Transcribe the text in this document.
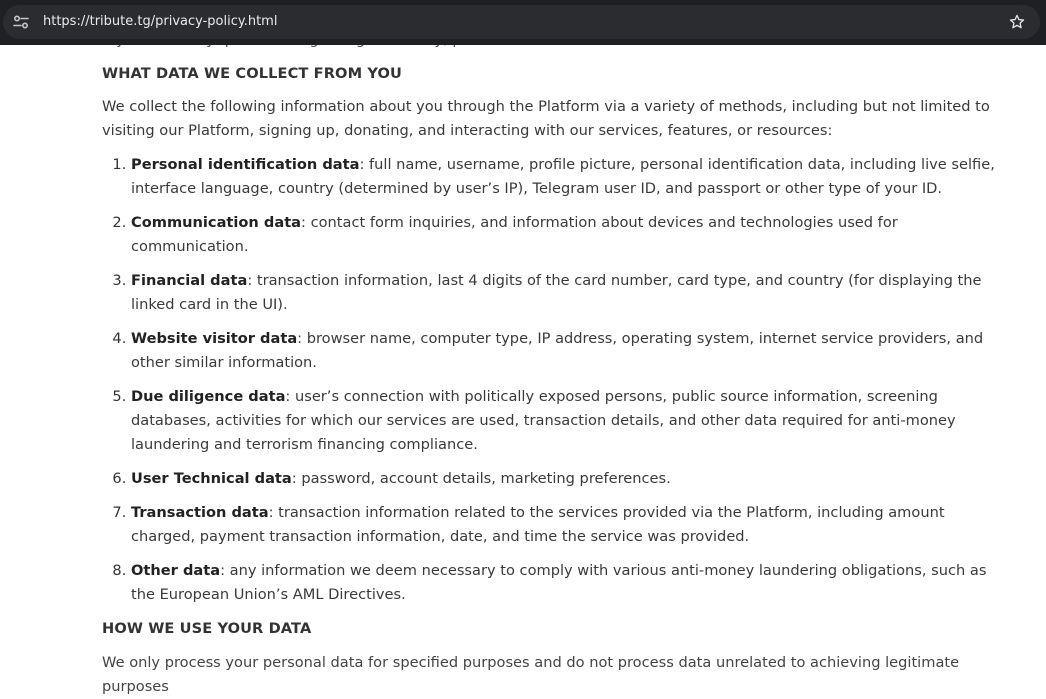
WHAT DATA WE COLLECT FROM YOU

We collect the following information about you through the Platform via a variety of methods, including but not limited to visiting our Platform, signing up, donating, and interacting with our services, features, or resources:

1. Personal identification data: full name, username, profile picture, personal identification data, including live selfie, interface language, country (determined by user’s IP), Telegram user ID, and passport or other type of your ID.
2. Communication data: contact form inquiries, and information about devices and technologies used for communication.
3. Financial data: transaction information, last 4 digits of the card number, card type, and country (for displaying the linked card in the UI).
4. Website visitor data: browser name, computer type, IP address, operating system, internet service providers, and other similar information.
5. Due diligence data: user’s connection with politically exposed persons, public source information, screening databases, activities for which our services are used, transaction details, and other data required for anti-money laundering and terrorism financing compliance.
6. User Technical data: password, account details, marketing preferences.
7. Transaction data: transaction information related to the services provided via the Platform, including amount charged, payment transaction information, date, and time the service was provided.
8. Other data: any information we deem necessary to comply with various anti-money laundering obligations, such as the European Union’s AML Directives.
HOW WE USE YOUR DATA

We only process your personal data for specified purposes and do not process data unrelated to achieving legitimate purposes

https://tribute.tg/privacy-policy.html
